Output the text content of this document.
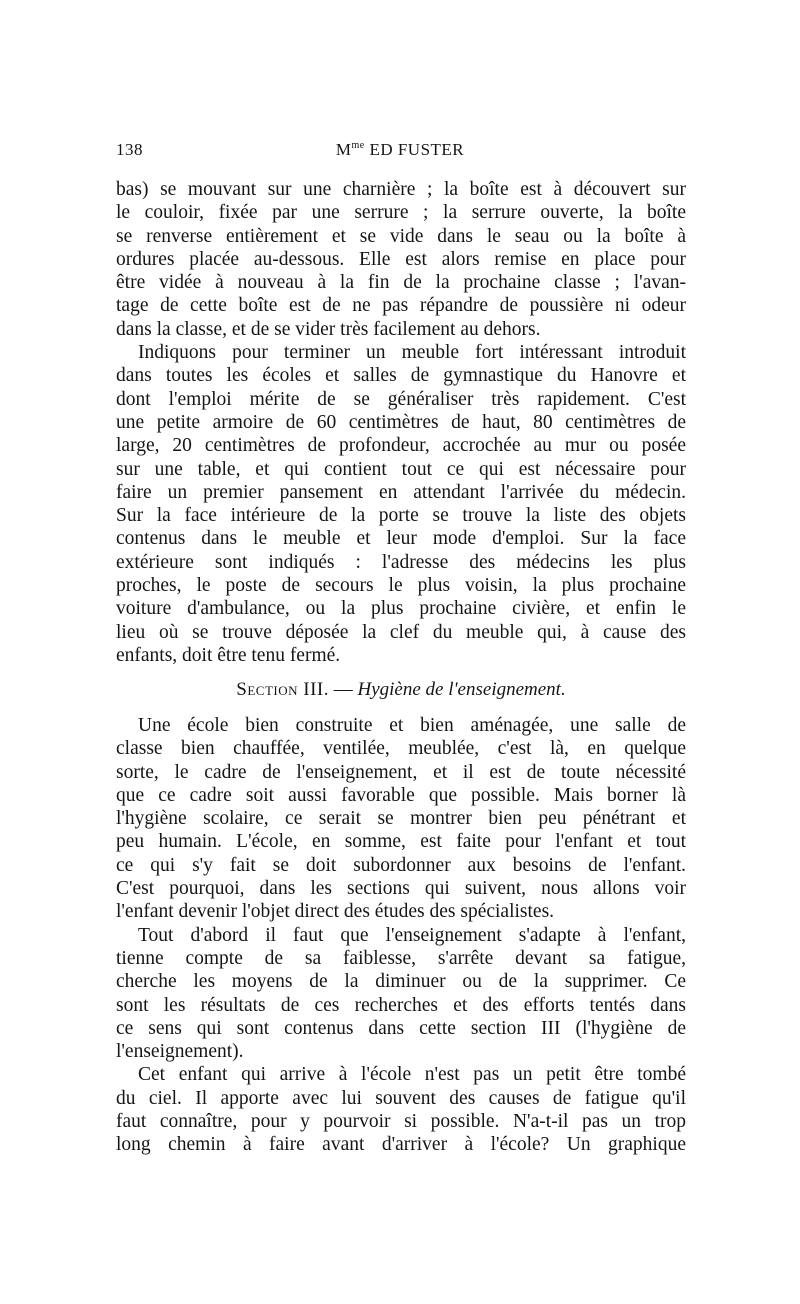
138	$M^{me}$ ED FUSTER
bas) se mouvant sur une charnière ; la boîte est à découvert sur
le couloir, fixée par une serrure ; la serrure ouverte, la boîte
se renverse entièrement et se vide dans le seau ou la boîte à
ordures placée au-dessous. Elle est alors remise en place pour
être vidée à nouveau à la fin de la prochaine classe ; l'avan-
tage de cette boîte est de ne pas répandre de poussière ni odeur
dans la classe, et de se vider très facilement au dehors.
Indiquons pour terminer un meuble fort intéressant introduit
dans toutes les écoles et salles de gymnastique du Hanovre et
dont l'emploi mérite de se généraliser très rapidement. C'est
une petite armoire de 60 centimètres de haut, 80 centimètres de
large, 20 centimètres de profondeur, accrochée au mur ou posée
sur une table, et qui contient tout ce qui est nécessaire pour
faire un premier pansement en attendant l'arrivée du médecin.
Sur la face intérieure de la porte se trouve la liste des objets
contenus dans le meuble et leur mode d'emploi. Sur la face
extérieure sont indiqués : l'adresse des médecins les plus
proches, le poste de secours le plus voisin, la plus prochaine
voiture d'ambulance, ou la plus prochaine civière, et enfin le
lieu où se trouve déposée la clef du meuble qui, à cause des
enfants, doit être tenu fermé.
Section III. — Hygiène de l'enseignement.
Une école bien construite et bien aménagée, une salle de
classe bien chauffée, ventilée, meublée, c'est là, en quelque
sorte, le cadre de l'enseignement, et il est de toute nécessité
que ce cadre soit aussi favorable que possible. Mais borner là
l'hygiène scolaire, ce serait se montrer bien peu pénétrant et
peu humain. L'école, en somme, est faite pour l'enfant et tout
ce qui s'y fait se doit subordonner aux besoins de l'enfant.
C'est pourquoi, dans les sections qui suivent, nous allons voir
l'enfant devenir l'objet direct des études des spécialistes.
Tout d'abord il faut que l'enseignement s'adapte à l'enfant,
tienne compte de sa faiblesse, s'arrête devant sa fatigue,
cherche les moyens de la diminuer ou de la supprimer. Ce
sont les résultats de ces recherches et des efforts tentés dans
ce sens qui sont contenus dans cette section III (l'hygiène de
l'enseignement).
Cet enfant qui arrive à l'école n'est pas un petit être tombé
du ciel. Il apporte avec lui souvent des causes de fatigue qu'il
faut connaître, pour y pourvoir si possible. N'a-t-il pas un trop
long chemin à faire avant d'arriver à l'école? Un graphique
